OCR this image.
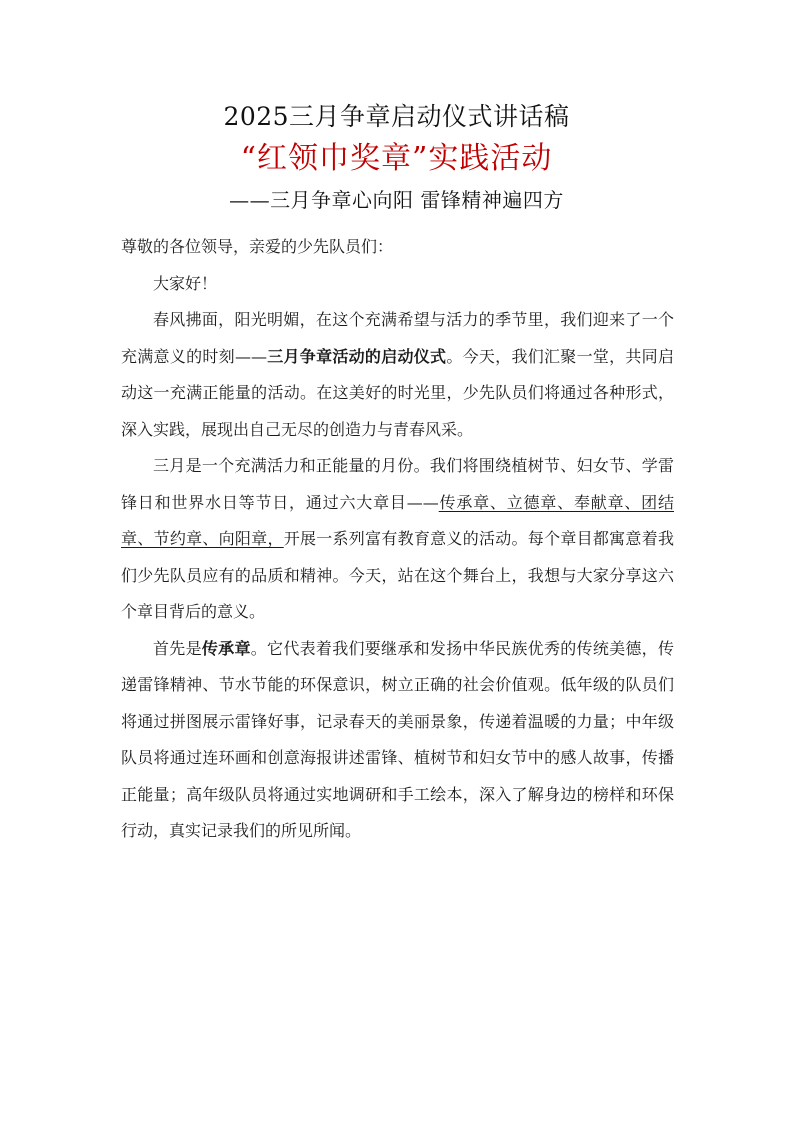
2025三月争章启动仪式讲话稿
“红领巾奖章”实践活动
——三月争章心向阳 雷锋精神遍四方

尊敬的各位领导，亲爱的少先队员们：

大家好！

春风拂面，阳光明媚，在这个充满希望与活力的季节里，我们迎来了一个充满意义的时刻——三月争章活动的启动仪式。今天，我们汇聚一堂，共同启动这一充满正能量的活动。在这美好的时光里，少先队员们将通过各种形式，深入实践，展现出自己无尽的创造力与青春风采。

三月是一个充满活力和正能量的月份。我们将围绕植树节、妇女节、学雷锋日和世界水日等节日，通过六大章目——传承章、立德章、奉献章、团结章、节约章、向阳章，开展一系列富有教育意义的活动。每个章目都寓意着我们少先队员应有的品质和精神。今天，站在这个舞台上，我想与大家分享这六个章目背后的意义。

首先是传承章。它代表着我们要继承和发扬中华民族优秀的传统美德，传递雷锋精神、节水节能的环保意识，树立正确的社会价值观。低年级的队员们将通过拼图展示雷锋好事，记录春天的美丽景象，传递着温暖的力量；中年级队员将通过连环画和创意海报讲述雷锋、植树节和妇女节中的感人故事，传播正能量；高年级队员将通过实地调研和手工绘本，深入了解身边的榜样和环保行动，真实记录我们的所见所闻。
